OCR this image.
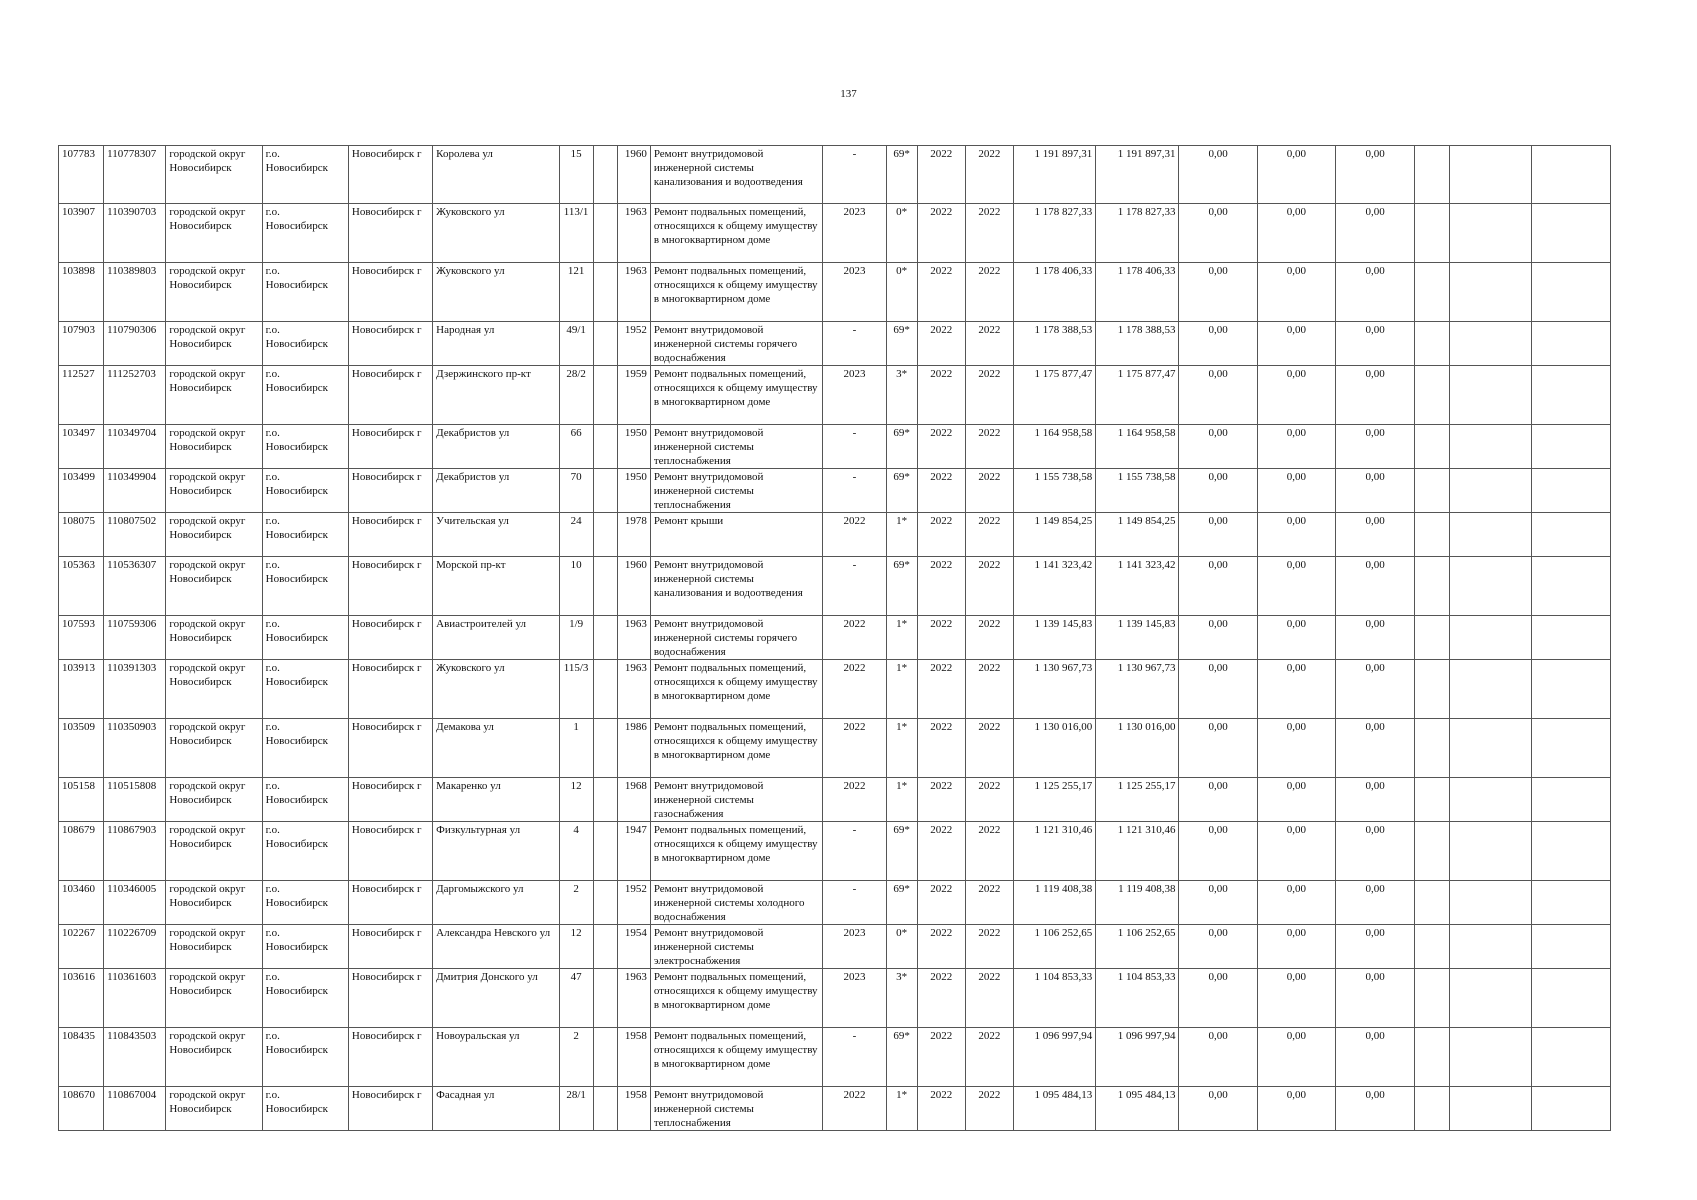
137
107783	110778307	городской округ Новосибирск	г.о. Новосибирск	Новосибирск г	Королева ул	15		1960	Ремонт внутридомовой инженерной системы канализования и водоотведения	-	69*	2022	2022	1 191 897,31	1 191 897,31	0,00	0,00	0,00			
103907	110390703	городской округ Новосибирск	г.о. Новосибирск	Новосибирск г	Жуковского ул	113/1		1963	Ремонт подвальных помещений, относящихся к общему имуществу в многоквартирном доме	2023	0*	2022	2022	1 178 827,33	1 178 827,33	0,00	0,00	0,00			
103898	110389803	городской округ Новосибирск	г.о. Новосибирск	Новосибирск г	Жуковского ул	121		1963	Ремонт подвальных помещений, относящихся к общему имуществу в многоквартирном доме	2023	0*	2022	2022	1 178 406,33	1 178 406,33	0,00	0,00	0,00			
107903	110790306	городской округ Новосибирск	г.о. Новосибирск	Новосибирск г	Народная ул	49/1		1952	Ремонт внутридомовой инженерной системы горячего водоснабжения	-	69*	2022	2022	1 178 388,53	1 178 388,53	0,00	0,00	0,00			
112527	111252703	городской округ Новосибирск	г.о. Новосибирск	Новосибирск г	Дзержинского пр-кт	28/2		1959	Ремонт подвальных помещений, относящихся к общему имуществу в многоквартирном доме	2023	3*	2022	2022	1 175 877,47	1 175 877,47	0,00	0,00	0,00			
103497	110349704	городской округ Новосибирск	г.о. Новосибирск	Новосибирск г	Декабристов ул	66		1950	Ремонт внутридомовой инженерной системы теплоснабжения	-	69*	2022	2022	1 164 958,58	1 164 958,58	0,00	0,00	0,00			
103499	110349904	городской округ Новосибирск	г.о. Новосибирск	Новосибирск г	Декабристов ул	70		1950	Ремонт внутридомовой инженерной системы теплоснабжения	-	69*	2022	2022	1 155 738,58	1 155 738,58	0,00	0,00	0,00			
108075	110807502	городской округ Новосибирск	г.о. Новосибирск	Новосибирск г	Учительская ул	24		1978	Ремонт крыши	2022	1*	2022	2022	1 149 854,25	1 149 854,25	0,00	0,00	0,00			
105363	110536307	городской округ Новосибирск	г.о. Новосибирск	Новосибирск г	Морской пр-кт	10		1960	Ремонт внутридомовой инженерной системы канализования и водоотведения	-	69*	2022	2022	1 141 323,42	1 141 323,42	0,00	0,00	0,00			
107593	110759306	городской округ Новосибирск	г.о. Новосибирск	Новосибирск г	Авиастроителей ул	1/9		1963	Ремонт внутридомовой инженерной системы горячего водоснабжения	2022	1*	2022	2022	1 139 145,83	1 139 145,83	0,00	0,00	0,00			
103913	110391303	городской округ Новосибирск	г.о. Новосибирск	Новосибирск г	Жуковского ул	115/3		1963	Ремонт подвальных помещений, относящихся к общему имуществу в многоквартирном доме	2022	1*	2022	2022	1 130 967,73	1 130 967,73	0,00	0,00	0,00			
103509	110350903	городской округ Новосибирск	г.о. Новосибирск	Новосибирск г	Демакова ул	1		1986	Ремонт подвальных помещений, относящихся к общему имуществу в многоквартирном доме	2022	1*	2022	2022	1 130 016,00	1 130 016,00	0,00	0,00	0,00			
105158	110515808	городской округ Новосибирск	г.о. Новосибирск	Новосибирск г	Макаренко ул	12		1968	Ремонт внутридомовой инженерной системы газоснабжения	2022	1*	2022	2022	1 125 255,17	1 125 255,17	0,00	0,00	0,00			
108679	110867903	городской округ Новосибирск	г.о. Новосибирск	Новосибирск г	Физкультурная ул	4		1947	Ремонт подвальных помещений, относящихся к общему имуществу в многоквартирном доме	-	69*	2022	2022	1 121 310,46	1 121 310,46	0,00	0,00	0,00			
103460	110346005	городской округ Новосибирск	г.о. Новосибирск	Новосибирск г	Даргомыжского ул	2		1952	Ремонт внутридомовой инженерной системы холодного водоснабжения	-	69*	2022	2022	1 119 408,38	1 119 408,38	0,00	0,00	0,00			
102267	110226709	городской округ Новосибирск	г.о. Новосибирск	Новосибирск г	Александра Невского ул	12		1954	Ремонт внутридомовой инженерной системы электроснабжения	2023	0*	2022	2022	1 106 252,65	1 106 252,65	0,00	0,00	0,00			
103616	110361603	городской округ Новосибирск	г.о. Новосибирск	Новосибирск г	Дмитрия Донского ул	47		1963	Ремонт подвальных помещений, относящихся к общему имуществу в многоквартирном доме	2023	3*	2022	2022	1 104 853,33	1 104 853,33	0,00	0,00	0,00			
108435	110843503	городской округ Новосибирск	г.о. Новосибирск	Новосибирск г	Новоуральская ул	2		1958	Ремонт подвальных помещений, относящихся к общему имуществу в многоквартирном доме	-	69*	2022	2022	1 096 997,94	1 096 997,94	0,00	0,00	0,00			
108670	110867004	городской округ Новосибирск	г.о. Новосибирск	Новосибирск г	Фасадная ул	28/1		1958	Ремонт внутридомовой инженерной системы теплоснабжения	2022	1*	2022	2022	1 095 484,13	1 095 484,13	0,00	0,00	0,00			
